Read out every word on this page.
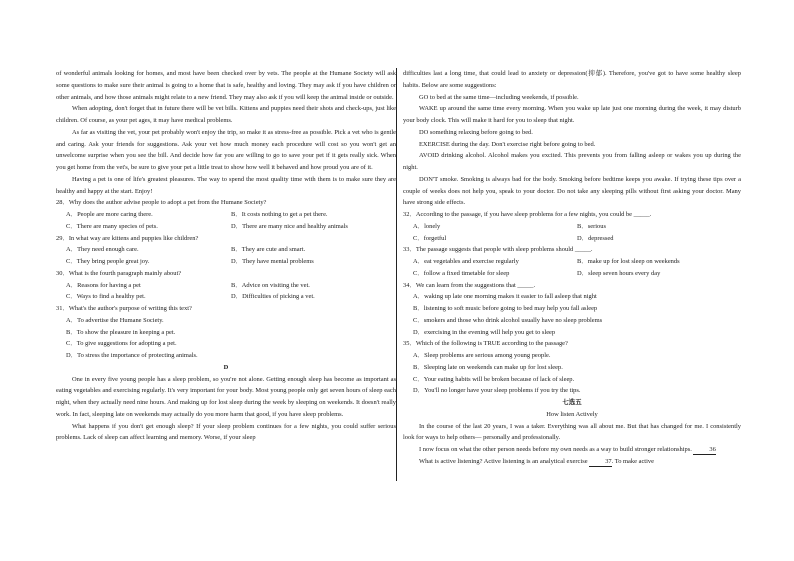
of wonderful animals looking for homes, and most have been checked over by vets. The people at the Humane Society will ask some questions to make sure their animal is going to a home that is safe, healthy and loving. They may ask if you have children or other animals, and how those animals might relate to a new friend. They may also ask if you will keep the animal inside or outside.

When adopting, don't forget that in future there will be vet bills. Kittens and puppies need their shots and check-ups, just like children. Of course, as your pet ages, it may have medical problems.

As far as visiting the vet, your pet probably won't enjoy the trip, so make it as stress-free as possible. Pick a vet who is gentle and caring. Ask your friends for suggestions. Ask your vet how much money each procedure will cost so you won't get an unwelcome surprise when you see the bill. And decide how far you are willing to go to save your pet if it gets really sick. When you get home from the vet's, be sure to give your pet a little treat to show how well it behaved and how proud you are of it.

Having a pet is one of life's greatest pleasures. The way to spend the most quality time with them is to make sure they are healthy and happy at the start. Enjoy!

28．Why does the author advise people to adopt a pet from the Humane Society?

A．People are more caring there.	B．It costs nothing to get a pet there.
C．There are many species of pets.	D．There are many nice and healthy animals

29．In what way are kittens and puppies like children?

A．They need enough care.	B．They are cute and smart.
C．They bring people great joy.	D．They have mental problems

30．What is the fourth paragraph mainly about?

A．Reasons for having a pet	B．Advice on visiting the vet.
C．Ways to find a healthy pet.	D．Difficulties of picking a vet.

31．What's the author's purpose of writing this text?

A．To advertise the Humane Society.

B．To show the pleasure in keeping a pet.

C．To give suggestions for adopting a pet.

D．To stress the importance of protecting animals.

D

One in every five young people has a sleep problem, so you're not alone. Getting enough sleep has become as important as eating vegetables and exercising regularly. It's very important for your body. Most young people only get seven hours of sleep each night, when they actually need nine hours. And making up for lost sleep during the week by sleeping on weekends. It doesn't really work. In fact, sleeping late on weekends may actually do you more harm that good, if you have sleep problems.

What happens if you don't get enough sleep? If your sleep problem continues for a few nights, you could suffer serious problems. Lack of sleep can affect learning and memory. Worse, if your sleep

difficulties last a long time, that could lead to anxiety or depression(抑郁). Therefore, you've got to have some healthy sleep habits. Below are some suggestions:

GO to bed at the same time—including weekends, if possible.

WAKE up around the same time every morning. When you wake up late just one morning during the week, it may disturb your body clock. This will make it hard for you to sleep that night.

DO something relaxing before going to bed.

EXERCISE during the day. Don't exercise right before going to bed.

AVOID drinking alcohol. Alcohol makes you excited. This prevents you from falling asleep or wakes you up during the night.

DON'T smoke. Smoking is always bad for the body. Smoking before bedtime keeps you awake. If trying these tips over a couple of weeks does not help you, speak to your doctor. Do not take any sleeping pills without first asking your doctor. Many have strong side effects.

32．According to the passage, if you have sleep problems for a few nights, you could be _____.

A．lonely	B．serious
C．forgetful	D．depressed

33．The passage suggests that people with sleep problems should _____.

A．eat vegetables and exercise regularly	B．make up for lost sleep on weekends
C．follow a fixed timetable for sleep	D．sleep seven hours every day

34．We can learn from the suggestions that _____.

A．waking up late one morning makes it easier to fall asleep that night

B．listening to soft music before going to bed may help you fall asleep

C．smokers and those who drink alcohol usually have no sleep problems

D．exercising in the evening will help you get to sleep

35．Which of the following is TRUE according to the passage?

A．Sleep problems are serious among young people.

B．Sleeping late on weekends can make up for lost sleep.

C．Your eating habits will be broken because of lack of sleep.

D．You'll no longer have your sleep problems if you try the tips.

七选五

How listen Actively

In the course of the last 20 years, I was a taker. Everything was all about me. But that has changed for me. I consistently look for ways to help others— personally and professionally.

I now focus on what the other person needs before my own needs as a way to build stronger relationships.	36

What is active listening? Active listening is an analytical exercise	37. To make active
